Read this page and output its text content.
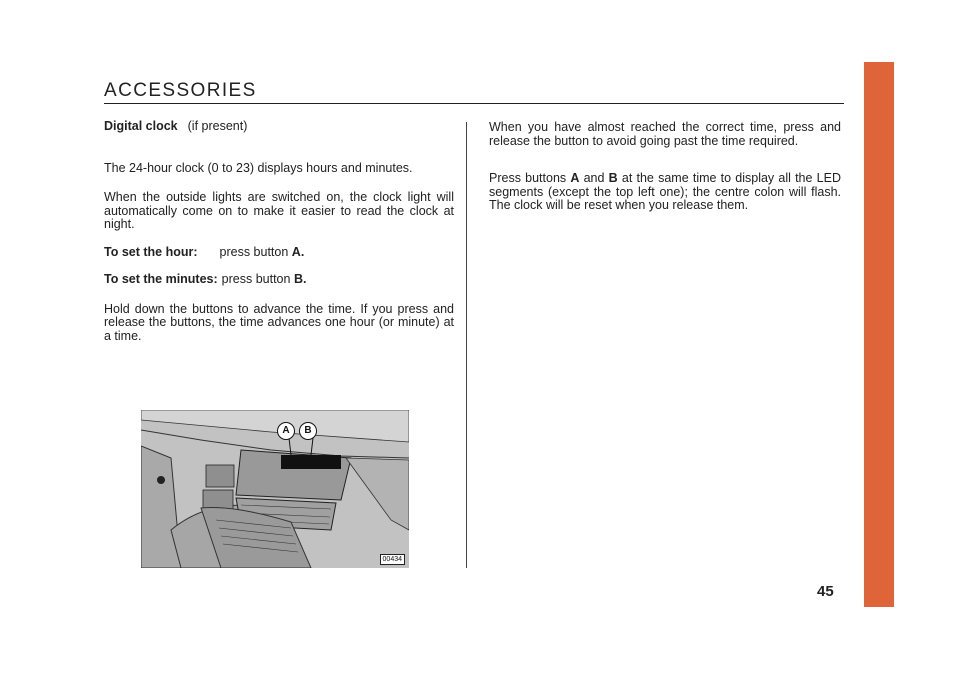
ACCESSORIES

Digital clock (if present)

The 24-hour clock (0 to 23) displays hours and minutes.

When the outside lights are switched on, the clock light will automatically come on to make it easier to read the clock at night.

To set the hour: press button A.

To set the minutes: press button B.

Hold down the buttons to advance the time. If you press and release the buttons, the time advances one hour (or minute) at a time.

When you have almost reached the correct time, press and release the button to avoid going past the time required.

Press buttons A and B at the same time to display all the LED segments (except the top left one); the centre colon will flash. The clock will be reset when you release them.

A	B
00434
45
